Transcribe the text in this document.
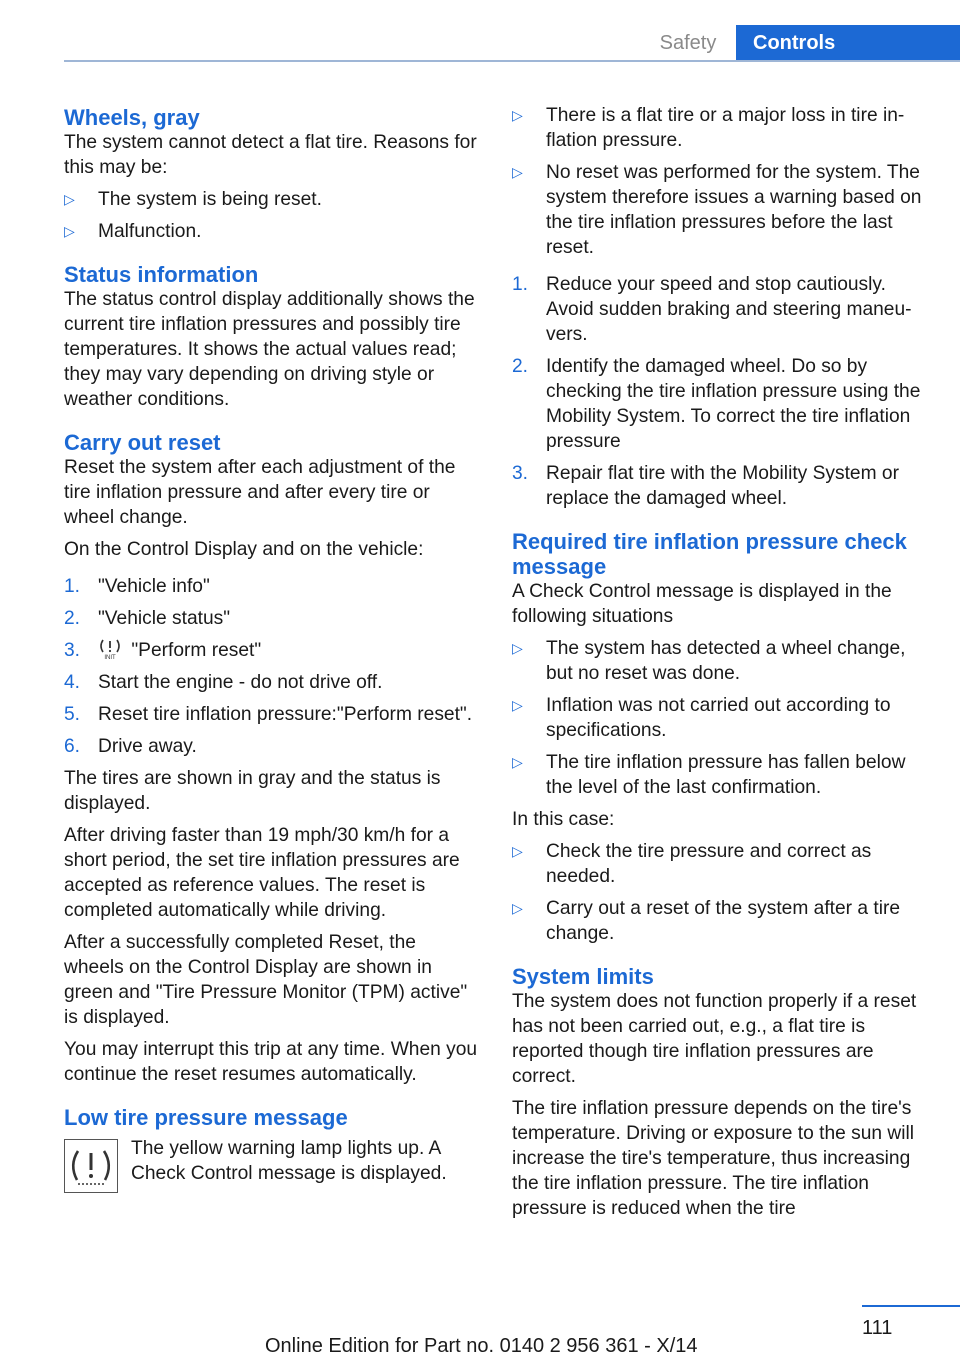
Safety	Controls
Wheels, gray

The system cannot detect a flat tire. Reasons for this may be:

▷ The system is being reset.
▷ Malfunction.
Status information

The status control display additionally shows the current tire inflation pressures and possibly tire temperatures. It shows the actual values read; they may vary depending on driving style or weather conditions.

Carry out reset

Reset the system after each adjustment of the tire inflation pressure and after every tire or wheel change.

On the Control Display and on the vehicle:

1. "Vehicle info"
2. "Vehicle status"
3.	INIT "Perform reset"
4. Start the engine - do not drive off.
5. Reset tire inflation pressure:"Perform reset".
6. Drive away.

The tires are shown in gray and the status is displayed.

After driving faster than 19 mph/30 km/h for a short period, the set tire inflation pressures are accepted as reference values. The reset is completed automatically while driving.

After a successfully completed Reset, the wheels on the Control Display are shown in green and "Tire Pressure Monitor (TPM) active" is displayed.

You may interrupt this trip at any time. When you continue the reset resumes automatically.

Low tire pressure message

The yellow warning lamp lights up. A Check Control message is displayed.

▷ There is a flat tire or a major loss in tire inflation pressure.
▷ No reset was performed for the system. The system therefore issues a warning based on the tire inflation pressures before the last reset.
1. Reduce your speed and stop cautiously. Avoid sudden braking and steering maneuvers.
2. Identify the damaged wheel. Do so by checking the tire inflation pressure using the Mobility System. To correct the tire inflation pressure
3. Repair flat tire with the Mobility System or replace the damaged wheel.
Required tire inflation pressure check message

A Check Control message is displayed in the following situations

▷ The system has detected a wheel change, but no reset was done.
▷ Inflation was not carried out according to specifications.
▷ The tire inflation pressure has fallen below the level of the last confirmation.

In this case:

▷ Check the tire pressure and correct as needed.
▷ Carry out a reset of the system after a tire change.
System limits

The system does not function properly if a reset has not been carried out, e.g., a flat tire is reported though tire inflation pressures are correct.

The tire inflation pressure depends on the tire's temperature. Driving or exposure to the sun will increase the tire's temperature, thus increasing the tire inflation pressure. The tire inflation pressure is reduced when the tire

111
Online Edition for Part no. 0140 2 956 361 - X/14
